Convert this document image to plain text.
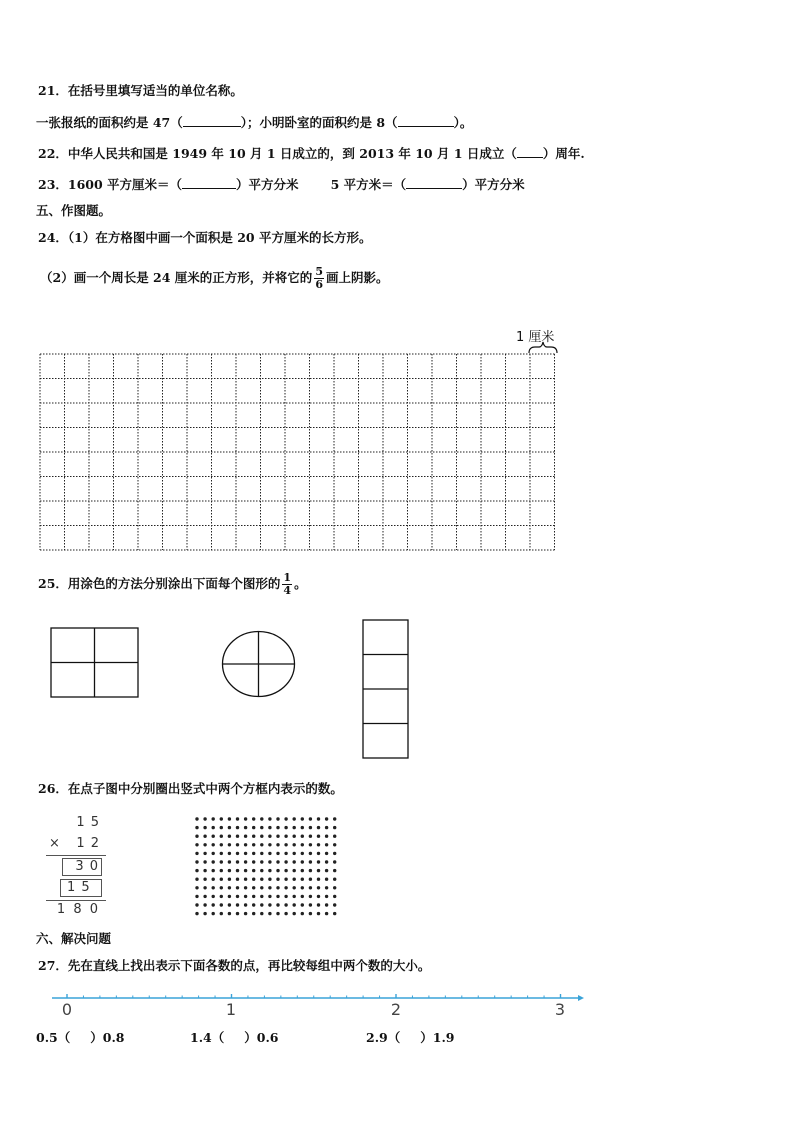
21．在括号里填写适当的单位名称。
一张报纸的面积约是 47（	）；小明卧室的面积约是 8（	）。
22．中华人民共和国是 1949 年 10 月 1 日成立的，到 2013 年 10 月 1 日成立（ ）周年.
23．1600 平方厘米＝（	）平方分米	5 平方米＝（	）平方分米
五、作图题。
24．（1）在方格图中画一个面积是 20 平方厘米的长方形。
（2）画一个周长是 24 厘米的正方形，并将它的 $\frac{5}{6}$ 画上阴影。
1 厘米
25．用涂色的方法分别涂出下面每个图形的 $\frac{1}{4}$ 。
26．在点子图中分别圈出竖式中两个方框内表示的数。
1 5
× 1 2
3 0
1 5
1 8 0
六、解决问题
27．先在直线上找出表示下面各数的点，再比较每组中两个数的大小。
0	1	2	3
0.5（ ）0.8	1.4（ ）0.6	2.9（ ）1.9
